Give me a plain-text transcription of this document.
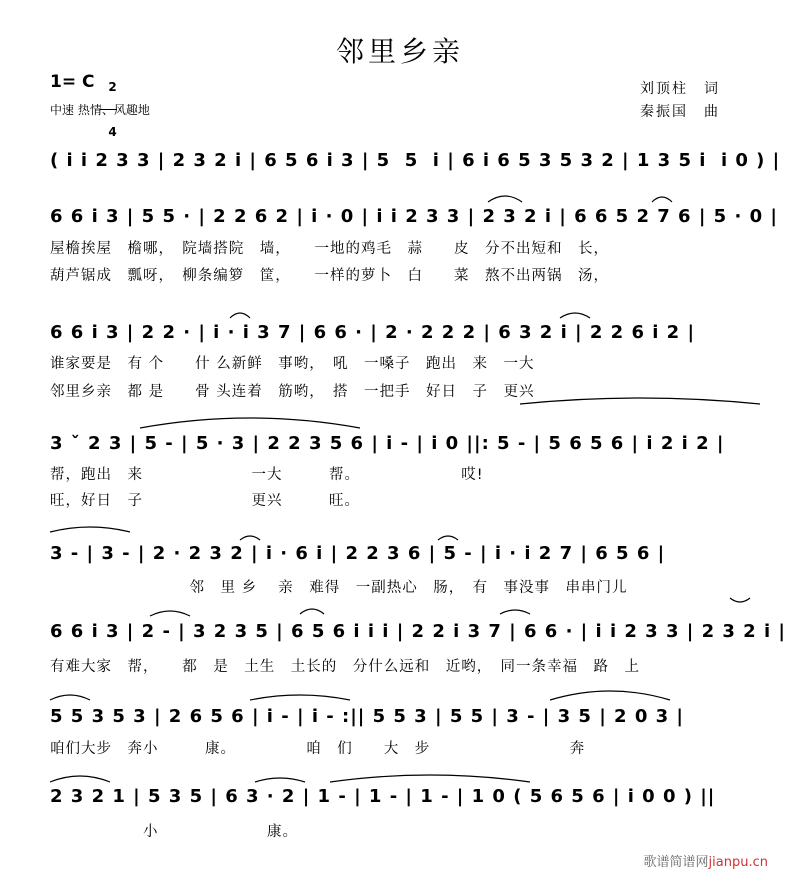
邻里乡亲
1= C	2

4

中速 热情、风趣地
刘顶柱　词
秦振国　曲
( i i 2 3 3 | 2 3 2 i | 6 5 6 i 3 | 5  5  i | 6 i 6 5 3 5 3 2 | 1 3 5 i  i 0 ) |
6 6 i 3 | 5 5 · | 2 2 6 2 | i · 0 | i i 2 3 3 | 2 3 2 i | 6 6 5 2 7 6 | 5 · 0 |
屋檐挨屋　檐哪，　院墙搭院　墙，　　一地的鸡毛　蒜　　皮　分不出短和　长，
葫芦锯成　瓢呀，　柳条编箩　筐，　　一样的萝卜　白　　菜　熬不出两锅　汤，
6 6 i 3 | 2 2 · | i · i 3 7 | 6 6 · | 2 · 2 2 2 | 6 3 2 i | 2 2 6 i 2 |
谁家要是　有 个　　什 么新鲜　事哟，　吼　一嗓子　跑出　来　一大
邻里乡亲　都 是　　骨 头连着　筋哟，　搭　一把手　好日　子　更兴
3 ˇ 2 3 | 5 - | 5 · 3 | 2 2 3 5 6 | i - | i 0 ||: 5 - | 5 6 5 6 | i 2 i 2 |
帮，跑出　来　　　　　　　一大　　　帮。　　　　　　　哎!
旺，好日　子　　　　　　　更兴　　　旺。
3 - | 3 - | 2 · 2 3 2 | i · 6 i | 2 2 3 6 | 5 - | i · i 2 7 | 6 5 6 |
　　　　　　　　　邻　里 乡　 亲　难得　一副热心　肠，　有　事没事　串串门儿
6 6 i 3 | 2 - | 3 2 3 5 | 6 5 6 i i i | 2 2 i 3 7 | 6 6 · | i i 2 3 3 | 2 3 2 i |
有难大家　帮，　　都　是　土生　土长的　分什么远和　近哟，　同一条幸福　路　上
5 5 3 5 3 | 2 6 5 6 | i - | i - :|| 5 5 3 | 5 5 | 3 - | 3 5 | 2 0 3 |
咱们大步　奔小　　　康。　　　　　咱　们　　大　步　　　　　　　　　奔
2 3 2 1 | 5 3 5 | 6 3 · 2 | 1 - | 1 - | 1 - | 1 0 ( 5 6 5 6 | i 0 0 ) ||
　　　　　　小　　　　　　　康。
歌谱简谱网jianpu.cn
